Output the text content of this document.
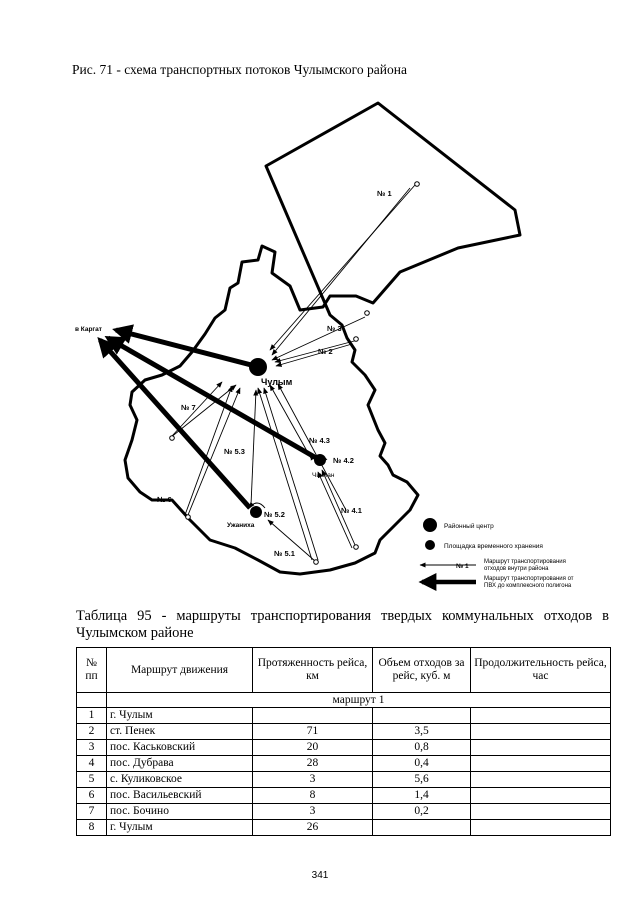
Рис. 71 - схема транспортных потоков Чулымского района
№ 1
№ 3
№ 2
№ 7
№ 4.3
№ 4.2
№ 5.3
№ 6
№ 4.1
№ 5.2
№ 5.1
в Каргат
Чулым
Чикман
Ужаниха	Районный центр
Площадка временного хранения
№ 1
Маршрут транспортирования
отходов внутри района
Маршрут транспортирования от
ПВХ до комплексного полигона
Таблица 95 - маршруты транспортирования твердых коммунальных отходов в Чулымском районе
№ пп	Маршрут движения	Протяженность рейса, км	Объем отходов за рейс, куб. м	Продолжительность рейса, час
	маршрут 1			
1	г. Чулым			
2	ст. Пенек	71	3,5	
3	пос. Каськовский	20	0,8	
4	пос. Дубрава	28	0,4	
5	с. Куликовское	3	5,6	
6	пос. Васильевский	8	1,4	
7	пос. Бочино	3	0,2	
8	г. Чулым	26		
341
